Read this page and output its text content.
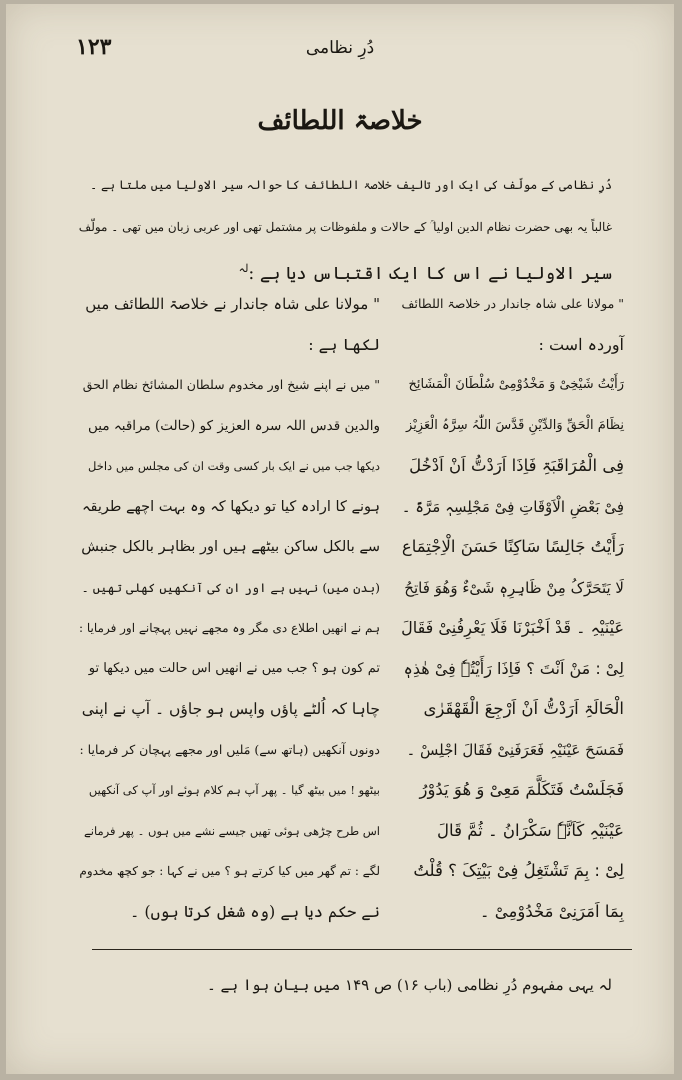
۱۲۳	دُرِ نظامی
خلاصۃ اللطائف
دُرِ نظامی کے مولّف کی ایک اور تالیف خلاصۃ اللطائف کا حوالہ سیر الاولیا میں ملتا ہے ۔
غالباً یہ بھی حضرت نظام الدین اولیا ؒ کے حالات و ملفوظات پر مشتمل تھی اور عربی زبان میں تھی ۔ مولّف
سیر الاولیا نے اس کا ایک اقتباس دیا ہے :$^{لہ}$
" مولانا علی شاہ جاندار در خلاصۃ اللطائف
آوردہ است :
رَأَیْتُ شَیْخِیْ وَ مَخْدُوْمِیْ سُلْطَانَ الْمَشَائِخ
نِظَامَ الْحَقِّ وَالدِّیْنِ قَدَّسَ اللّٰہُ سِرَّہُ الْعَزِیْز
فِی الْمُرَاقَبَۃِ فَاِذَا اَرَدْتُّ اَنْ اَدْخُلَ
فِیْ بَعْضِ الْاَوْقَاتِ فِیْ مَجْلِسِہٖ مَرَّۃً ۔
رَأَیْتُ جَالِسًا سَاکِنًا حَسَنَ الْاِجْتِمَاع
لَا یَتَحَرَّکُ مِنْ ظَاہِرِہٖ شَیْءٌ وَھُوَ فَاتِحُ
عَیْنَیْہِ ۔ قَدْ اَخْبَرْنَا فَلَا یَعْرِفُنِیْ فَقَالَ
لِیْ : مَنْ اَنْتَ ؟ فَاِذَا رَأَیْتُہٗ فِیْ ھٰذِہٖ
الْحَالَۃِ اَرَدْتُّ اَنْ اَرْجِعَ الْقَھْقَرٰی
فَمَسَحَ عَیْنَیْہِ فَعَرَفَنِیْ فَقَالَ اجْلِسْ ۔
فَجَلَسْتُ فَتَکَلَّمَ مَعِیْ وَ ھُوَ یَدُوْرُ
عَیْنَیْہِ کَاَنَّہٗ سَکْرَانُ ۔ ثُمَّ قَالَ
لِیْ : بِمَ تَشْتَغِلُ فِیْ بَیْتِکَ ؟ قُلْتُ
بِمَا اَمَرَنِیْ مَخْدُوْمِیْ ۔
" مولانا علی شاہ جاندار نے خلاصۃ اللطائف میں
لکھا ہے :
" میں نے اپنے شیخ اور مخدوم سلطان المشائخ نظام الحق
والدین قدس اللہ سرہ العزیز کو (حالت) مراقبہ میں
دیکھا جب میں نے ایک بار کسی وقت ان کی مجلس میں داخل
ہونے کا ارادہ کیا تو دیکھا کہ وہ بہت اچھے طریقہ
سے بالکل ساکن بیٹھے ہیں اور بظاہر بالکل جنبش
(بدن میں) نہیں ہے اور ان کی آنکھیں کھلی تھیں ۔
ہم نے انھیں اطلاع دی مگر وہ مجھے نہیں پہچانے اور فرمایا :
تم کون ہو ؟ جب میں نے انھیں اس حالت میں دیکھا تو
چاہا کہ اُلٹے پاؤں واپس ہو جاؤں ۔ آپ نے اپنی
دونوں آنکھیں (ہاتھ سے) مَلیں اور مجھے پہچان کر فرمایا :
بیٹھو ! میں بیٹھ گیا ۔ پھر آپ ہم کلام ہوئے اور آپ کی آنکھیں
اس طرح چڑھی ہوئی تھیں جیسے نشے میں ہوں ۔ پھر فرمانے
لگے : تم گھر میں کیا کرتے ہو ؟ میں نے کہا : جو کچھ مخدوم
نے حکم دیا ہے (وہ شغل کرتا ہوں) ۔
لہ یہی مفہوم دُرِ نظامی (باب ۱۶) ص ۱۴۹ میں بیان ہوا ہے ۔
